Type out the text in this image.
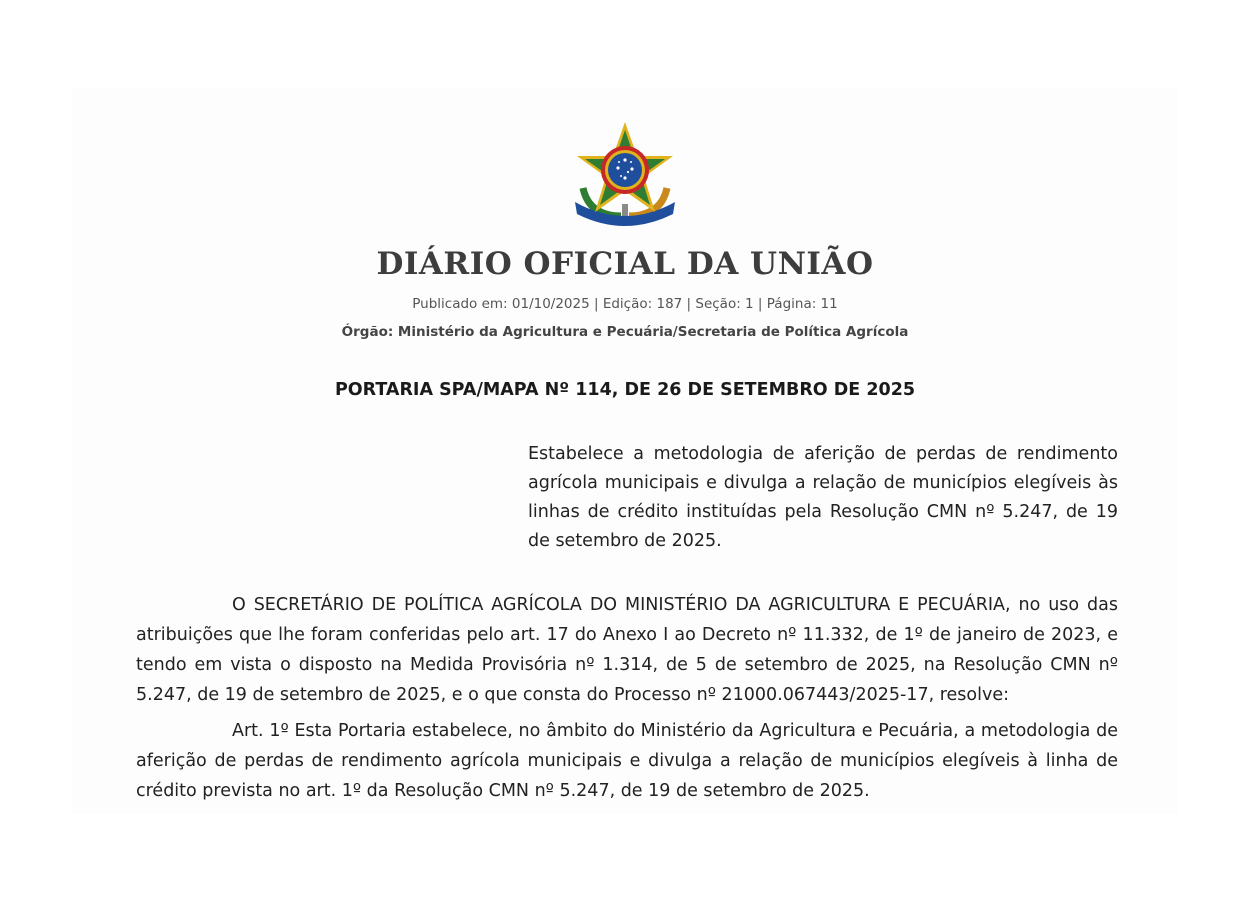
DIÁRIO OFICIAL DA UNIÃO
Publicado em: 01/10/2025 | Edição: 187 | Seção: 1 | Página: 11
Órgão: Ministério da Agricultura e Pecuária/Secretaria de Política Agrícola
PORTARIA SPA/MAPA Nº 114, DE 26 DE SETEMBRO DE 2025
Estabelece a metodologia de aferição de perdas de rendimento agrícola municipais e divulga a relação de municípios elegíveis às linhas de crédito instituídas pela Resolução CMN nº 5.247, de 19 de setembro de 2025.

O SECRETÁRIO DE POLÍTICA AGRÍCOLA DO MINISTÉRIO DA AGRICULTURA E PECUÁRIA, no uso das atribuições que lhe foram conferidas pelo art. 17 do Anexo I ao Decreto nº 11.332, de 1º de janeiro de 2023, e tendo em vista o disposto na Medida Provisória nº 1.314, de 5 de setembro de 2025, na Resolução CMN nº 5.247, de 19 de setembro de 2025, e o que consta do Processo nº 21000.067443/2025-17, resolve:

Art. 1º Esta Portaria estabelece, no âmbito do Ministério da Agricultura e Pecuária, a metodologia de aferição de perdas de rendimento agrícola municipais e divulga a relação de municípios elegíveis à linha de crédito prevista no art. 1º da Resolução CMN nº 5.247, de 19 de setembro de 2025.
